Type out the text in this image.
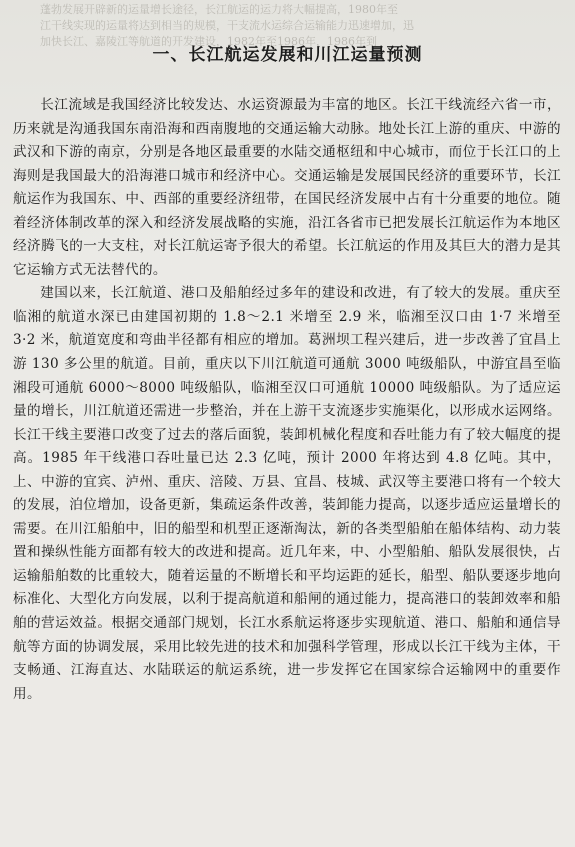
蓬勃发展开辟新的运量增长途径，长江航运的运力将大幅提高，1980年至

江干线实现的运量将达到相当的规模，干支流水运综合运输能力迅速增加，迅

加快长江、嘉陵江等航道的开发建设，1982年至1986年，1986年到

一、长江航运发展和川江运量预测

长江流域是我国经济比较发达、水运资源最为丰富的地区。长江干线流经六省一市，历来就是沟通我国东南沿海和西南腹地的交通运输大动脉。地处长江上游的重庆、中游的武汉和下游的南京，分别是各地区最重要的水陆交通枢纽和中心城市，而位于长江口的上海则是我国最大的沿海港口城市和经济中心。交通运输是发展国民经济的重要环节，长江航运作为我国东、中、西部的重要经济纽带，在国民经济发展中占有十分重要的地位。随着经济体制改革的深入和经济发展战略的实施，沿江各省市已把发展长江航运作为本地区经济腾飞的一大支柱，对长江航运寄予很大的希望。长江航运的作用及其巨大的潜力是其它运输方式无法替代的。

建国以来，长江航道、港口及船舶经过多年的建设和改进，有了较大的发展。重庆至临湘的航道水深已由建国初期的 1.8～2.1 米增至 2.9 米，临湘至汉口由 1·7 米增至 3·2 米，航道宽度和弯曲半径都有相应的增加。葛洲坝工程兴建后，进一步改善了宜昌上游 130 多公里的航道。目前，重庆以下川江航道可通航 3000 吨级船队，中游宜昌至临湘段可通航 6000～8000 吨级船队，临湘至汉口可通航 10000 吨级船队。为了适应运量的增长，川江航道还需进一步整治，并在上游干支流逐步实施渠化，以形成水运网络。长江干线主要港口改变了过去的落后面貌，装卸机械化程度和吞吐能力有了较大幅度的提高。1985 年干线港口吞吐量已达 2.3 亿吨，预计 2000 年将达到 4.8 亿吨。其中，上、中游的宜宾、泸州、重庆、涪陵、万县、宜昌、枝城、武汉等主要港口将有一个较大的发展，泊位增加，设备更新，集疏运条件改善，装卸能力提高，以逐步适应运量增长的需要。在川江船舶中，旧的船型和机型正逐渐淘汰，新的各类型船舶在船体结构、动力装置和操纵性能方面都有较大的改进和提高。近几年来，中、小型船舶、船队发展很快，占运输船舶数的比重较大，随着运量的不断增长和平均运距的延长，船型、船队要逐步地向标准化、大型化方向发展，以利于提高航道和船闸的通过能力，提高港口的装卸效率和船舶的营运效益。根据交通部门规划，长江水系航运将逐步实现航道、港口、船舶和通信导航等方面的协调发展，采用比较先进的技术和加强科学管理，形成以长江干线为主体，干支畅通、江海直达、水陆联运的航运系统，进一步发挥它在国家综合运输网中的重要作用。
